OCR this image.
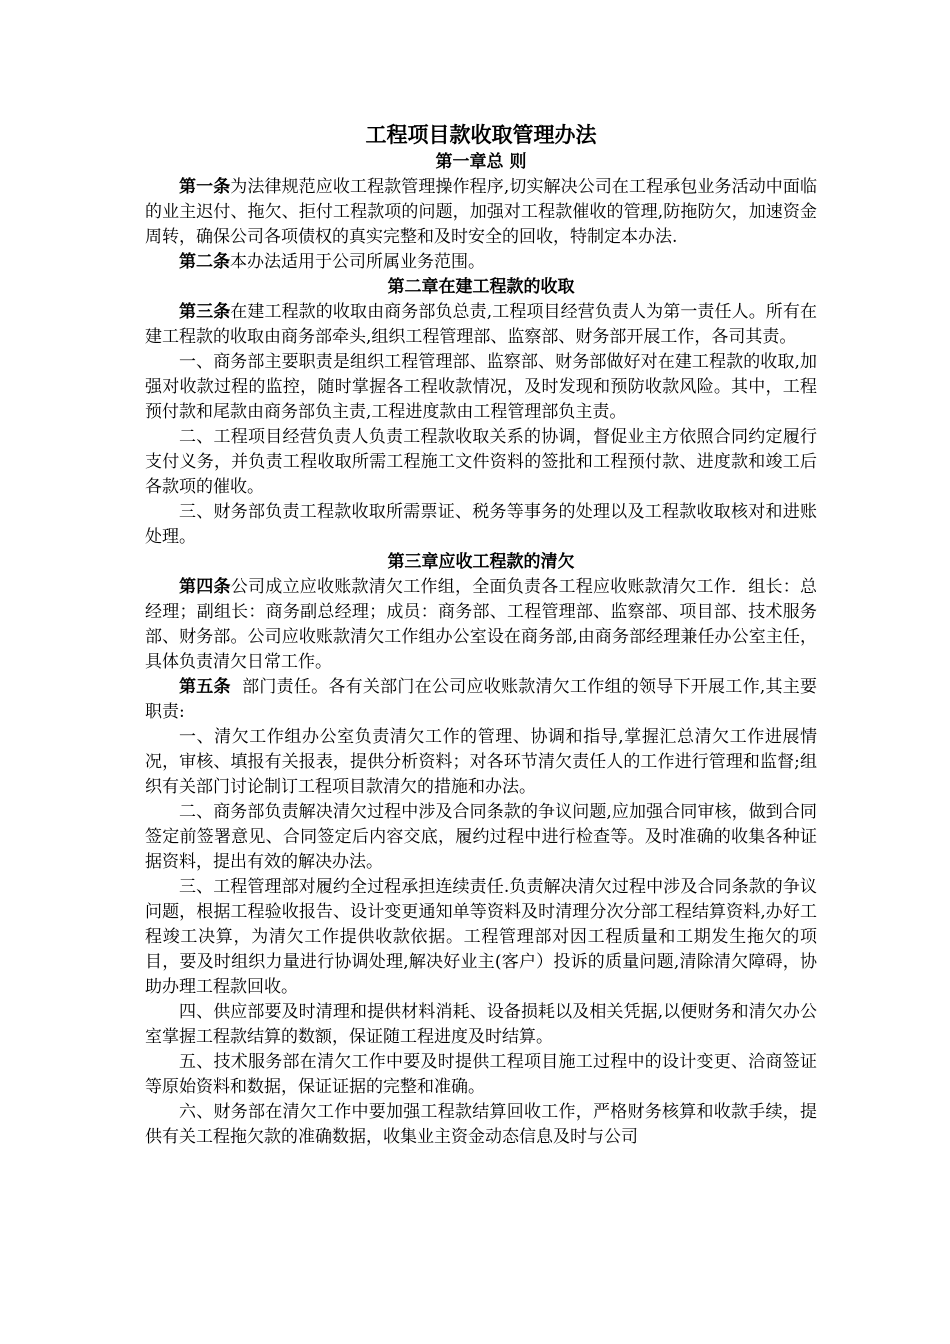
工程项目款收取管理办法
第一章总 则

第一条为法律规范应收工程款管理操作程序,切实解决公司在工程承包业务活动中面临的业主迟付、拖欠、拒付工程款项的问题，加强对工程款催收的管理,防拖防欠，加速资金周转，确保公司各项债权的真实完整和及时安全的回收，特制定本办法.

第二条本办法适用于公司所属业务范围。

第二章在建工程款的收取

第三条在建工程款的收取由商务部负总责,工程项目经营负责人为第一责任人。所有在建工程款的收取由商务部牵头,组织工程管理部、监察部、财务部开展工作，各司其责。

一、商务部主要职责是组织工程管理部、监察部、财务部做好对在建工程款的收取,加强对收款过程的监控，随时掌握各工程收款情况，及时发现和预防收款风险。其中，工程预付款和尾款由商务部负主责,工程进度款由工程管理部负主责。

二、工程项目经营负责人负责工程款收取关系的协调，督促业主方依照合同约定履行支付义务，并负责工程收取所需工程施工文件资料的签批和工程预付款、进度款和竣工后各款项的催收。

三、财务部负责工程款收取所需票证、税务等事务的处理以及工程款收取核对和进账处理。

第三章应收工程款的清欠

第四条公司成立应收账款清欠工作组，全面负责各工程应收账款清欠工作．组长：总经理；副组长：商务副总经理；成员：商务部、工程管理部、监察部、项目部、技术服务部、财务部。公司应收账款清欠工作组办公室设在商务部,由商务部经理兼任办公室主任，具体负责清欠日常工作。

第五条  部门责任。各有关部门在公司应收账款清欠工作组的领导下开展工作,其主要职责:

一、清欠工作组办公室负责清欠工作的管理、协调和指导,掌握汇总清欠工作进展情况，审核、填报有关报表，提供分析资料；对各环节清欠责任人的工作进行管理和监督;组织有关部门讨论制订工程项目款清欠的措施和办法。

二、商务部负责解决清欠过程中涉及合同条款的争议问题,应加强合同审核，做到合同签定前签署意见、合同签定后内容交底，履约过程中进行检查等。及时准确的收集各种证据资料，提出有效的解决办法。

三、工程管理部对履约全过程承担连续责任.负责解决清欠过程中涉及合同条款的争议问题，根据工程验收报告、设计变更通知单等资料及时清理分次分部工程结算资料,办好工程竣工决算，为清欠工作提供收款依据。工程管理部对因工程质量和工期发生拖欠的项目，要及时组织力量进行协调处理,解决好业主(客户）投诉的质量问题,清除清欠障碍，协助办理工程款回收。

四、供应部要及时清理和提供材料消耗、设备损耗以及相关凭据,以便财务和清欠办公室掌握工程款结算的数额，保证随工程进度及时结算。

五、技术服务部在清欠工作中要及时提供工程项目施工过程中的设计变更、洽商签证等原始资料和数据，保证证据的完整和准确。

六、财务部在清欠工作中要加强工程款结算回收工作，严格财务核算和收款手续，提供有关工程拖欠款的准确数据，收集业主资金动态信息及时与公司
